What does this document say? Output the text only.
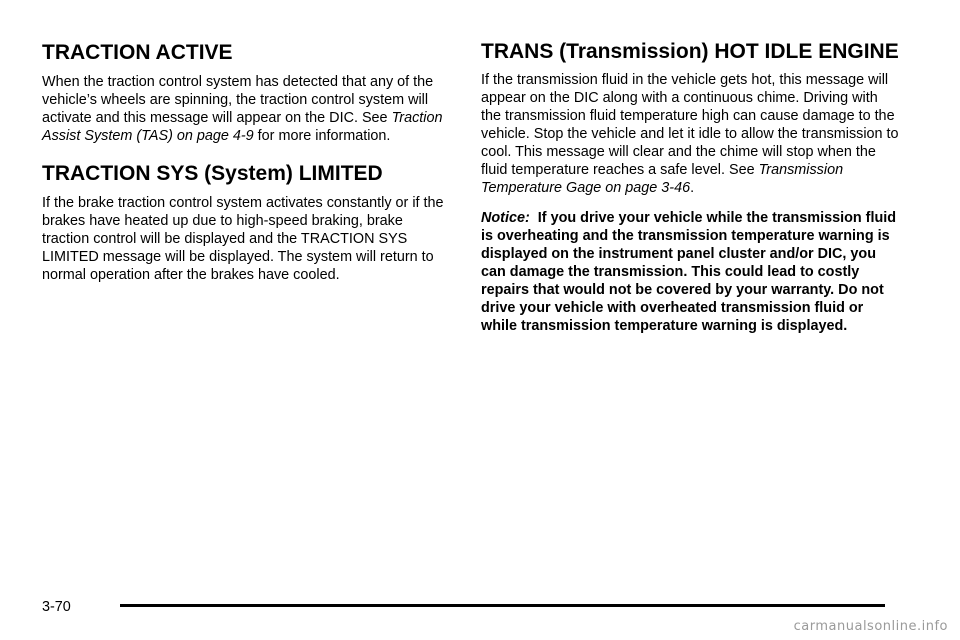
TRACTION ACTIVE

When the traction control system has detected that any of the vehicle’s wheels are spinning, the traction control system will activate and this message will appear on the DIC. See Traction Assist System (TAS) on page 4-9 for more information.

TRACTION SYS (System) LIMITED

If the brake traction control system activates constantly or if the brakes have heated up due to high-speed braking, brake traction control will be displayed and the TRACTION SYS LIMITED message will be displayed. The system will return to normal operation after the brakes have cooled.

TRANS (Transmission) HOT IDLE ENGINE

If the transmission fluid in the vehicle gets hot, this message will appear on the DIC along with a continuous chime. Driving with the transmission fluid temperature high can cause damage to the vehicle. Stop the vehicle and let it idle to allow the transmission to cool. This message will clear and the chime will stop when the fluid temperature reaches a safe level. See Transmission Temperature Gage on page 3-46.

Notice: If you drive your vehicle while the transmission fluid is overheating and the transmission temperature warning is displayed on the instrument panel cluster and/or DIC, you can damage the transmission. This could lead to costly repairs that would not be covered by your warranty. Do not drive your vehicle with overheated transmission fluid or while transmission temperature warning is displayed.

3-70
carmanualsonline.info
